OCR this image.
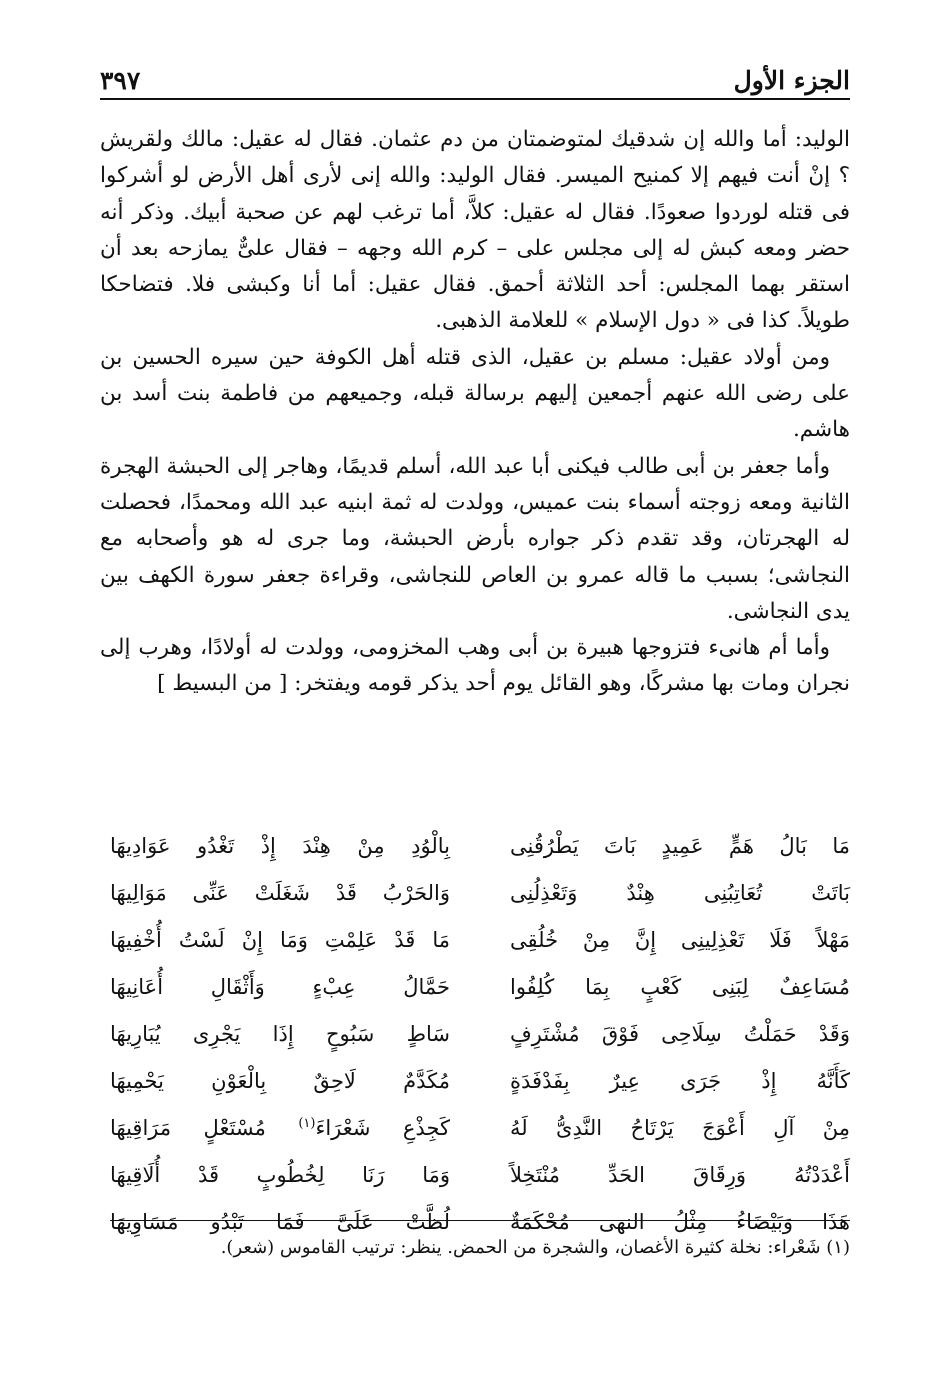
الجزء الأول
٣٩٧

الوليد: أما والله إن شدقيك لمتوضمتان من دم عثمان. فقال له عقيل: مالك ولقريش ؟ إنْ أنت فيهم إلا كمنيح الميسر. فقال الوليد: والله إنى لأرى أهل الأرض لو أشركوا فى قتله لوردوا صعودًا. فقال له عقيل: كلاَّ، أما ترغب لهم عن صحبة أبيك. وذكر أنه حضر ومعه كبش له إلى مجلس على – كرم الله وجهه – فقال علىٌّ يمازحه بعد أن استقر بهما المجلس: أحد الثلاثة أحمق. فقال عقيل: أما أنا وكبشى فلا. فتضاحكا طويلاً. كذا فى « دول الإسلام » للعلامة الذهبى.

ومن أولاد عقيل: مسلم بن عقيل، الذى قتله أهل الكوفة حين سيره الحسين بن على رضى الله عنهم أجمعين إليهم برسالة قبله، وجميعهم من فاطمة بنت أسد بن هاشم.

وأما جعفر بن أبى طالب فيكنى أبا عبد الله، أسلم قديمًا، وهاجر إلى الحبشة الهجرة الثانية ومعه زوجته أسماء بنت عميس، وولدت له ثمة ابنيه عبد الله ومحمدًا، فحصلت له الهجرتان، وقد تقدم ذكر جواره بأرض الحبشة، وما جرى له هو وأصحابه مع النجاشى؛ بسبب ما قاله عمرو بن العاص للنجاشى، وقراءة جعفر سورة الكهف بين يدى النجاشى.

وأما أم هانىء فتزوجها هبيرة بن أبى وهب المخزومى، وولدت له أولادًا، وهرب إلى نجران ومات بها مشركًا، وهو القائل يوم أحد يذكر قومه ويفتخر: [ من البسيط ]

مَا بَالُ هَمٍّ عَمِيدٍ بَاتَ يَطْرُقُنِى
بِالْوُدِ مِنْ هِنْدَ إِذْ تَغْدُو عَوَادِيهَا
بَاتَتْ تُعَاتِبُنِى هِنْدٌ وَتَعْذِلُنِى
وَالحَرْبُ قَدْ شَغَلَتْ عَنِّى مَوَالِيهَا
مَهْلاً فَلَا تَعْذِلِينِى إِنَّ مِنْ خُلُقِى
مَا قَدْ عَلِمْتِ وَمَا إِنْ لَسْتُ أُخْفِيهَا
مُسَاعِفٌ لِبَنِى كَعْبٍ بِمَا كُلِفُوا
حَمَّالُ عِبْءٍ وَأَثْقَالِ أُعَانِيهَا
وَقَدْ حَمَلْتُ سِلَاحِى فَوْقَ مُشْتَرِفٍ
سَاطٍ سَبُوحٍ إِذَا يَجْرِى يُبَارِيهَا
كَأَنَّهُ إِذْ جَرَى عِيرٌ بِفَدْفَدَةٍ
مُكَدَّمٌ لَاحِقٌ بِالْعَوْنِ يَحْمِيهَا
مِنْ آلِ أَعْوَجَ يَرْتَاحُ النَّدِىُّ لَهُ
كَجِذْعِ شَعْرَاءَ$^{(١)}$ مُسْتَعْلٍ مَرَاقِيهَا
أَعْدَدْتُهُ وَرِقَاقَ الحَدِّ مُنْتَخِلاً
وَمَا رَنَا لِخُطُوبٍ قَدْ أُلَاقِيهَا
هَذَا وَبَيْضَاءُ مِثْلُ النهى مُحْكَمَةٌ
لُظَّتْ عَلَىَّ فَمَا تَبْدُو مَسَاوِيهَا
(١) شَعْراء: نخلة كثيرة الأغصان، والشجرة من الحمض. ينظر: ترتيب القاموس (شعر).
